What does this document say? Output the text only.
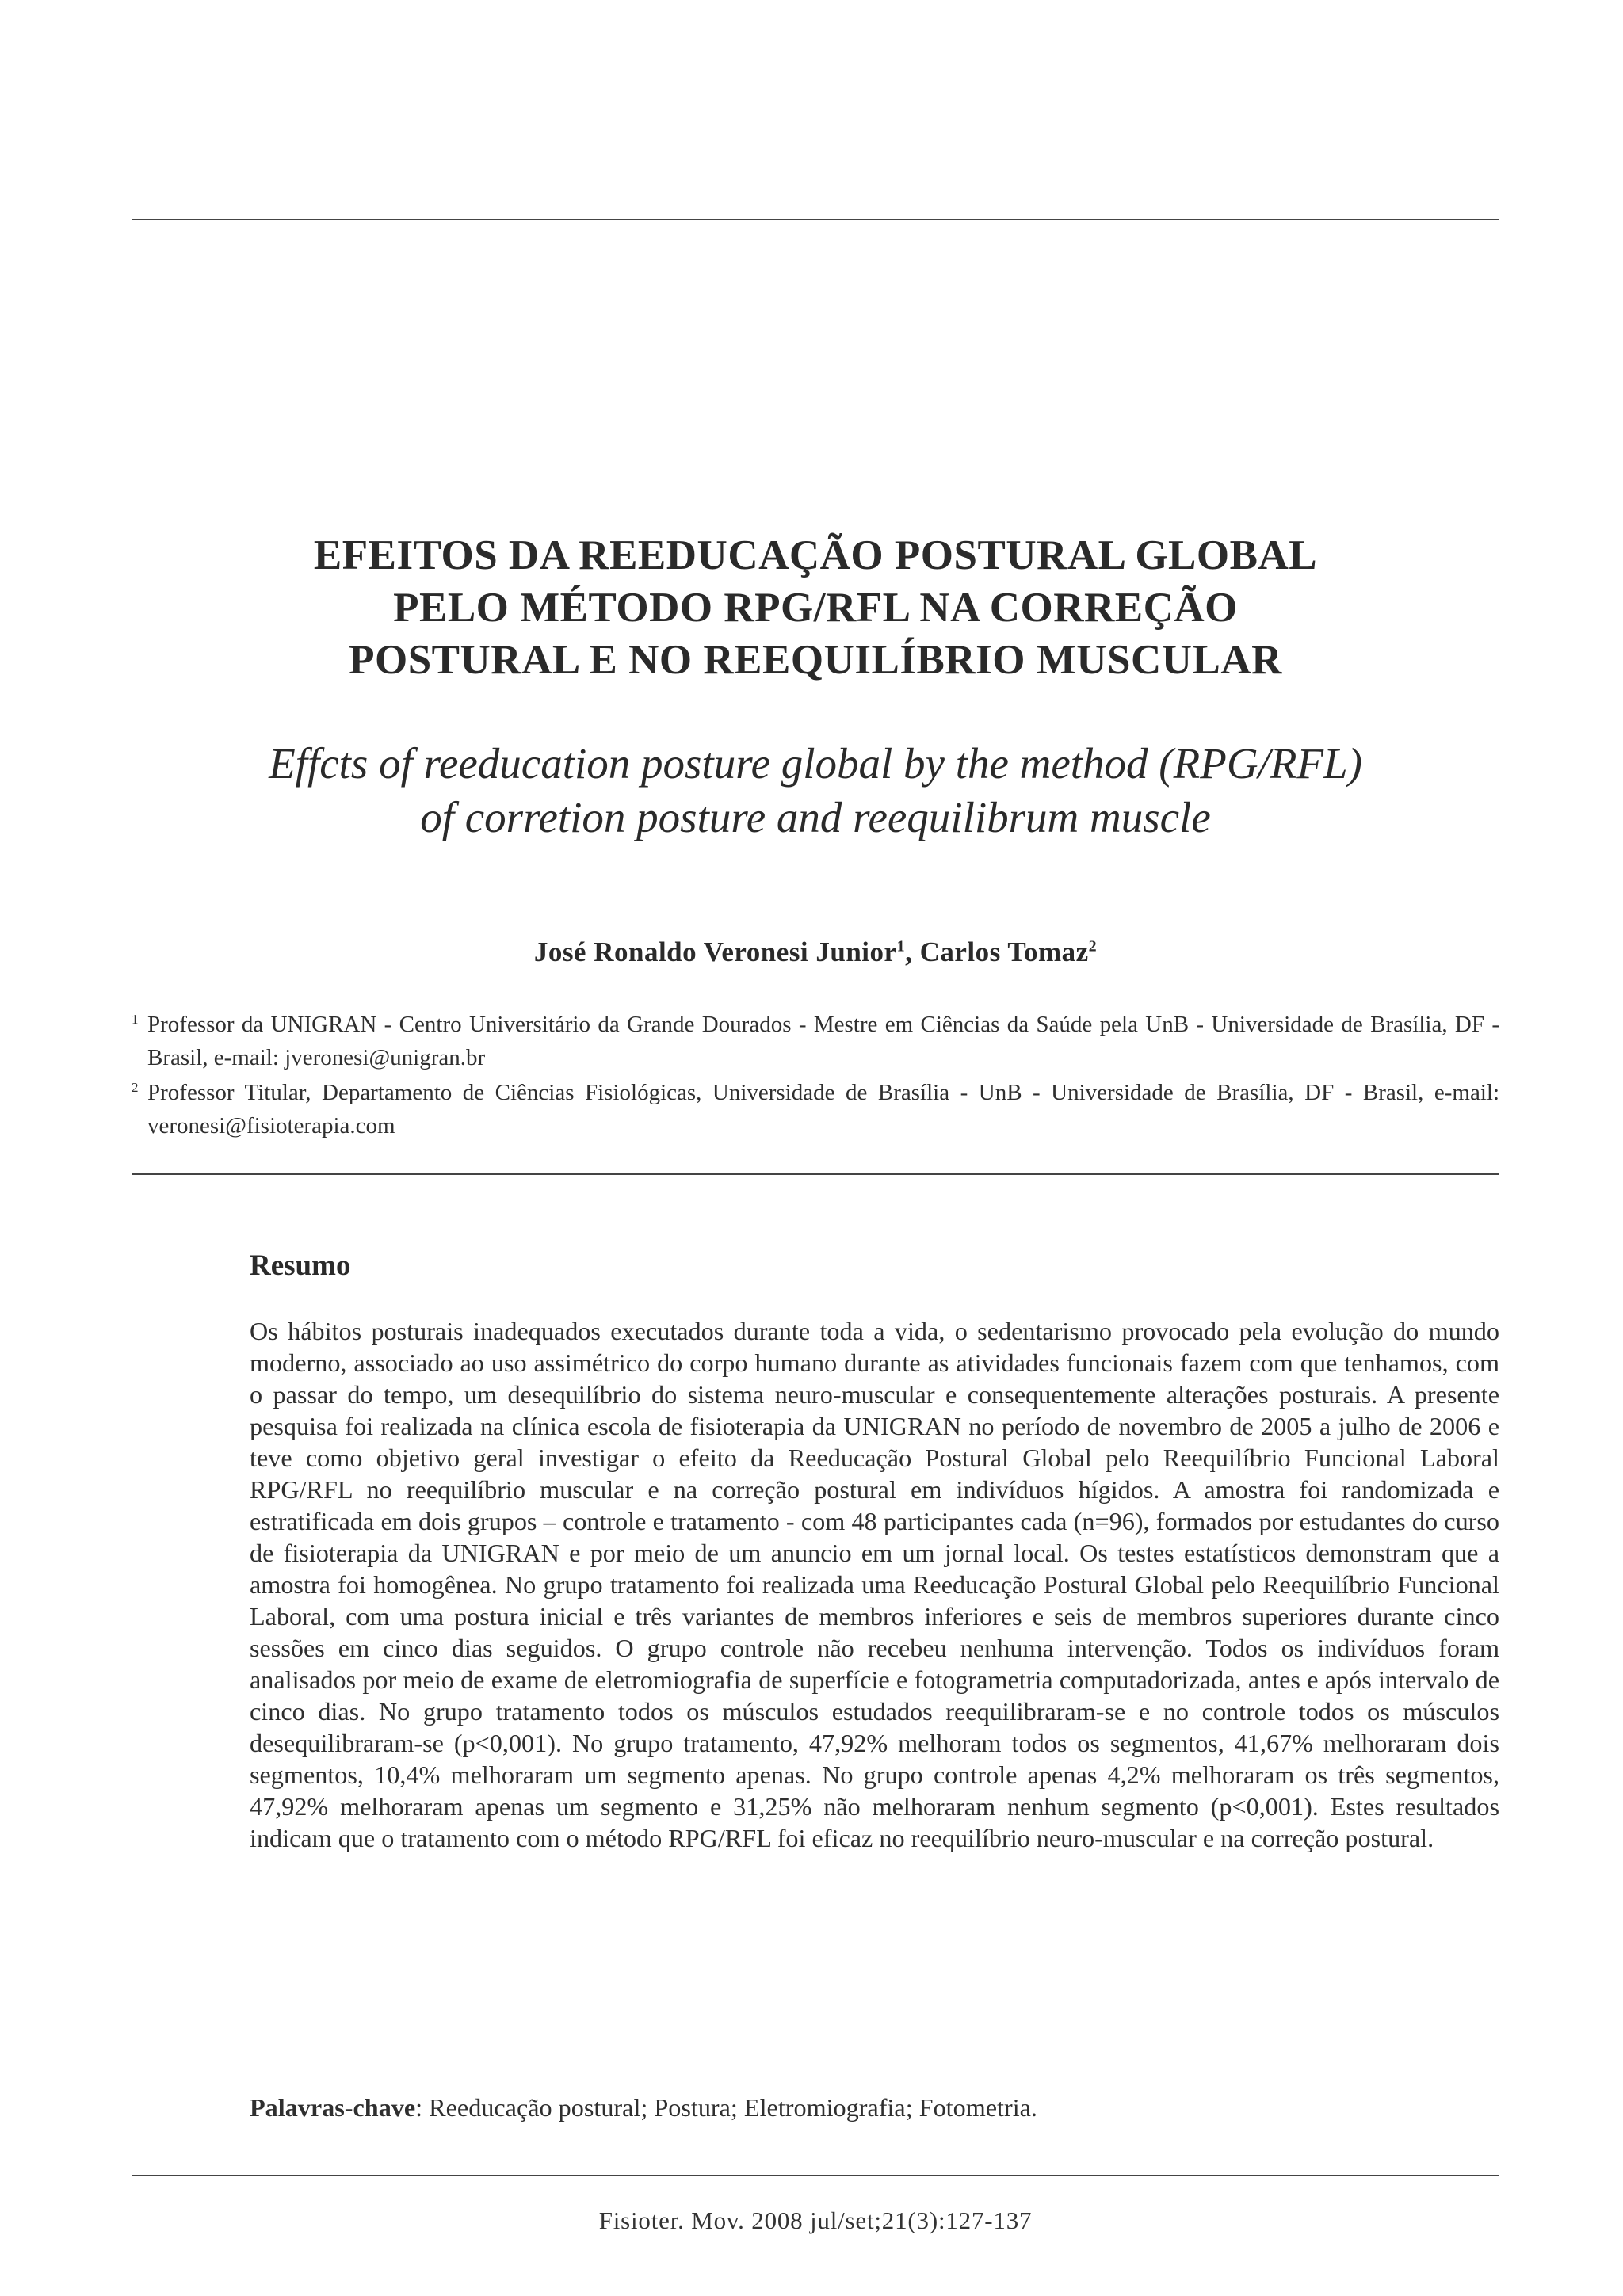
EFEITOS DA REEDUCAÇÃO POSTURAL GLOBAL
PELO MÉTODO RPG/RFL NA CORREÇÃO
POSTURAL E NO REEQUILÍBRIO MUSCULAR
Effcts of reeducation posture global by the method (RPG/RFL)
of corretion posture and reequilibrum muscle
José Ronaldo Veronesi Junior$^1$, Carlos Tomaz$^2$
1 Professor da UNIGRAN - Centro Universitário da Grande Dourados - Mestre em Ciências da Saúde pela UnB - Universidade de Brasília, DF - Brasil, e-mail: jveronesi@unigran.br
2 Professor Titular, Departamento de Ciências Fisiológicas, Universidade de Brasília - UnB - Universidade de Brasília, DF - Brasil, e-mail: veronesi@fisioterapia.com
Resumo
Os hábitos posturais inadequados executados durante toda a vida, o sedentarismo provocado pela evolução do mundo moderno, associado ao uso assimétrico do corpo humano durante as atividades funcionais fazem com que tenhamos, com o passar do tempo, um desequilíbrio do sistema neuro-muscular e consequentemente alterações posturais. A presente pesquisa foi realizada na clínica escola de fisioterapia da UNIGRAN no período de novembro de 2005 a julho de 2006 e teve como objetivo geral investigar o efeito da Reeducação Postural Global pelo Reequilíbrio Funcional Laboral RPG/RFL no reequilíbrio muscular e na correção postural em indivíduos hígidos. A amostra foi randomizada e estratificada em dois grupos – controle e tratamento - com 48 participantes cada (n=96), formados por estudantes do curso de fisioterapia da UNIGRAN e por meio de um anuncio em um jornal local. Os testes estatísticos demonstram que a amostra foi homogênea. No grupo tratamento foi realizada uma Reeducação Postural Global pelo Reequilíbrio Funcional Laboral, com uma postura inicial e três variantes de membros inferiores e seis de membros superiores durante cinco sessões em cinco dias seguidos. O grupo controle não recebeu nenhuma intervenção. Todos os indivíduos foram analisados por meio de exame de eletromiografia de superfície e fotogrametria computadorizada, antes e após intervalo de cinco dias. No grupo tratamento todos os músculos estudados reequilibraram-se e no controle todos os músculos desequilibraram-se (p<0,001). No grupo tratamento, 47,92% melhoram todos os segmentos, 41,67% melhoraram dois segmentos, 10,4% melhoraram um segmento apenas. No grupo controle apenas 4,2% melhoraram os três segmentos, 47,92% melhoraram apenas um segmento e 31,25% não melhoraram nenhum segmento (p<0,001). Estes resultados indicam que o tratamento com o método RPG/RFL foi eficaz no reequilíbrio neuro-muscular e na correção postural.
Palavras-chave: Reeducação postural; Postura; Eletromiografia; Fotometria.
Fisioter. Mov. 2008 jul/set;21(3):127-137
